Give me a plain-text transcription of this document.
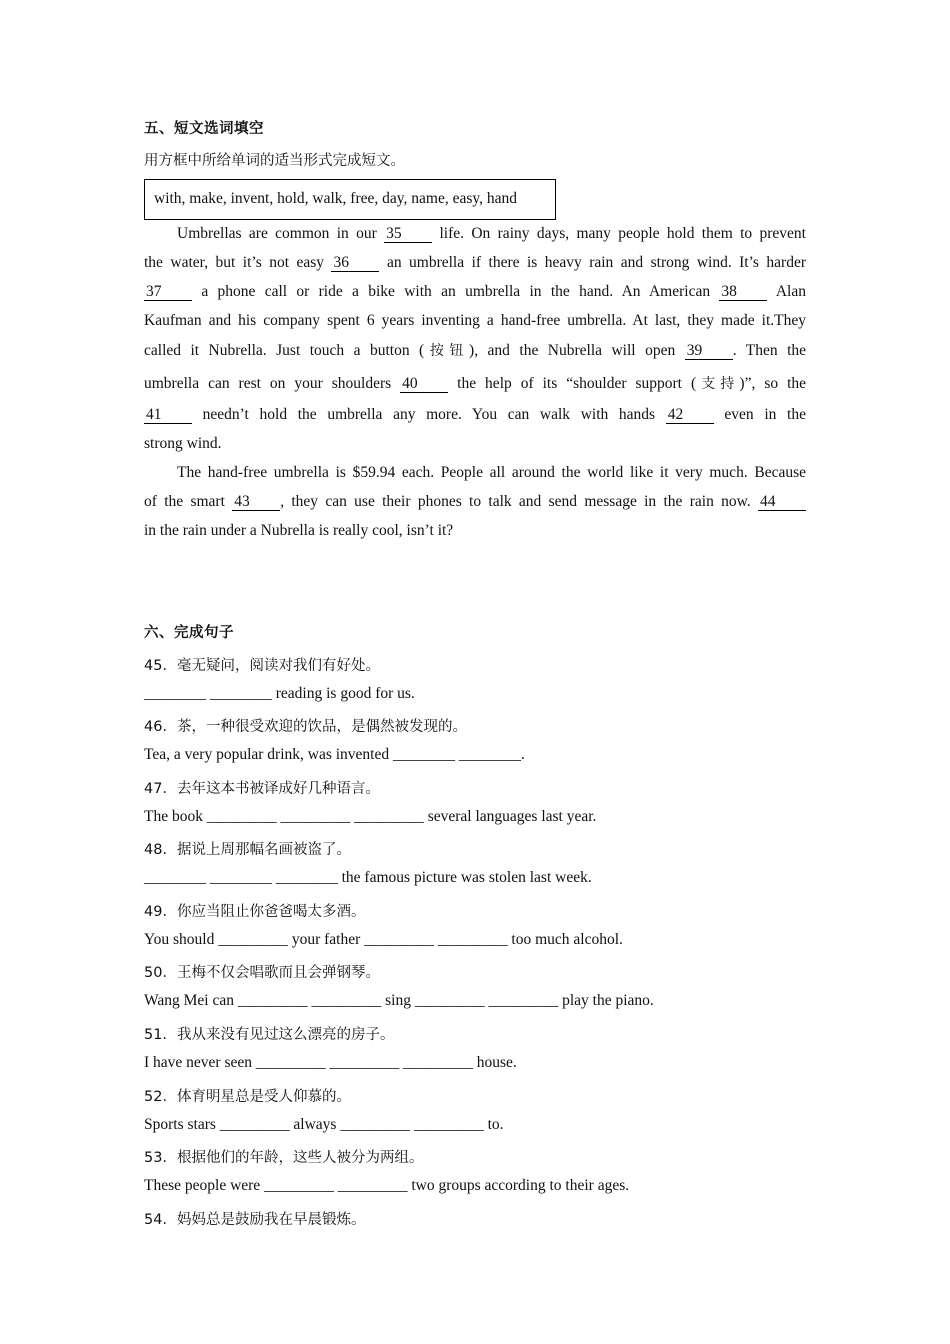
五、短文选词填空
用方框中所给单词的适当形式完成短文。
with, make, invent, hold, walk, free, day, name, easy, hand
Umbrellas are common in our 35 life. On rainy days, many people hold them to prevent
the water, but it’s not easy 36 an umbrella if there is heavy rain and strong wind. It’s harder
37 a phone call or ride a bike with an umbrella in the hand. An American 38 Alan
Kaufman and his company spent 6 years inventing a hand-free umbrella. At last, they made it.They
called it Nubrella. Just touch a button (按钮), and the Nubrella will open 39 . Then the
umbrella can rest on your shoulders 40 the help of its “shoulder support (支持)”, so the
41 needn’t hold the umbrella any more. You can walk with hands 42 even in the
strong wind.
The hand-free umbrella is $59.94 each. People all around the world like it very much. Because
of the smart 43 , they can use their phones to talk and send message in the rain now. 44
in the rain under a Nubrella is really cool, isn’t it?
六、完成句子
45．毫无疑问，阅读对我们有好处。
________ ________ reading is good for us.
46．茶，一种很受欢迎的饮品，是偶然被发现的。
Tea, a very popular drink, was invented ________ ________.
47．去年这本书被译成好几种语言。
The book _________ _________ _________ several languages last year.
48．据说上周那幅名画被盗了。
________ ________ ________ the famous picture was stolen last week.
49．你应当阻止你爸爸喝太多酒。
You should _________ your father _________ _________ too much alcohol.
50．王梅不仅会唱歌而且会弹钢琴。
Wang Mei can _________ _________ sing _________ _________ play the piano.
51．我从来没有见过这么漂亮的房子。
I have never seen _________ _________ _________ house.
52．体育明星总是受人仰慕的。
Sports stars _________ always _________ _________ to.
53．根据他们的年龄，这些人被分为两组。
These people were _________ _________ two groups according to their ages.
54．妈妈总是鼓励我在早晨锻炼。
